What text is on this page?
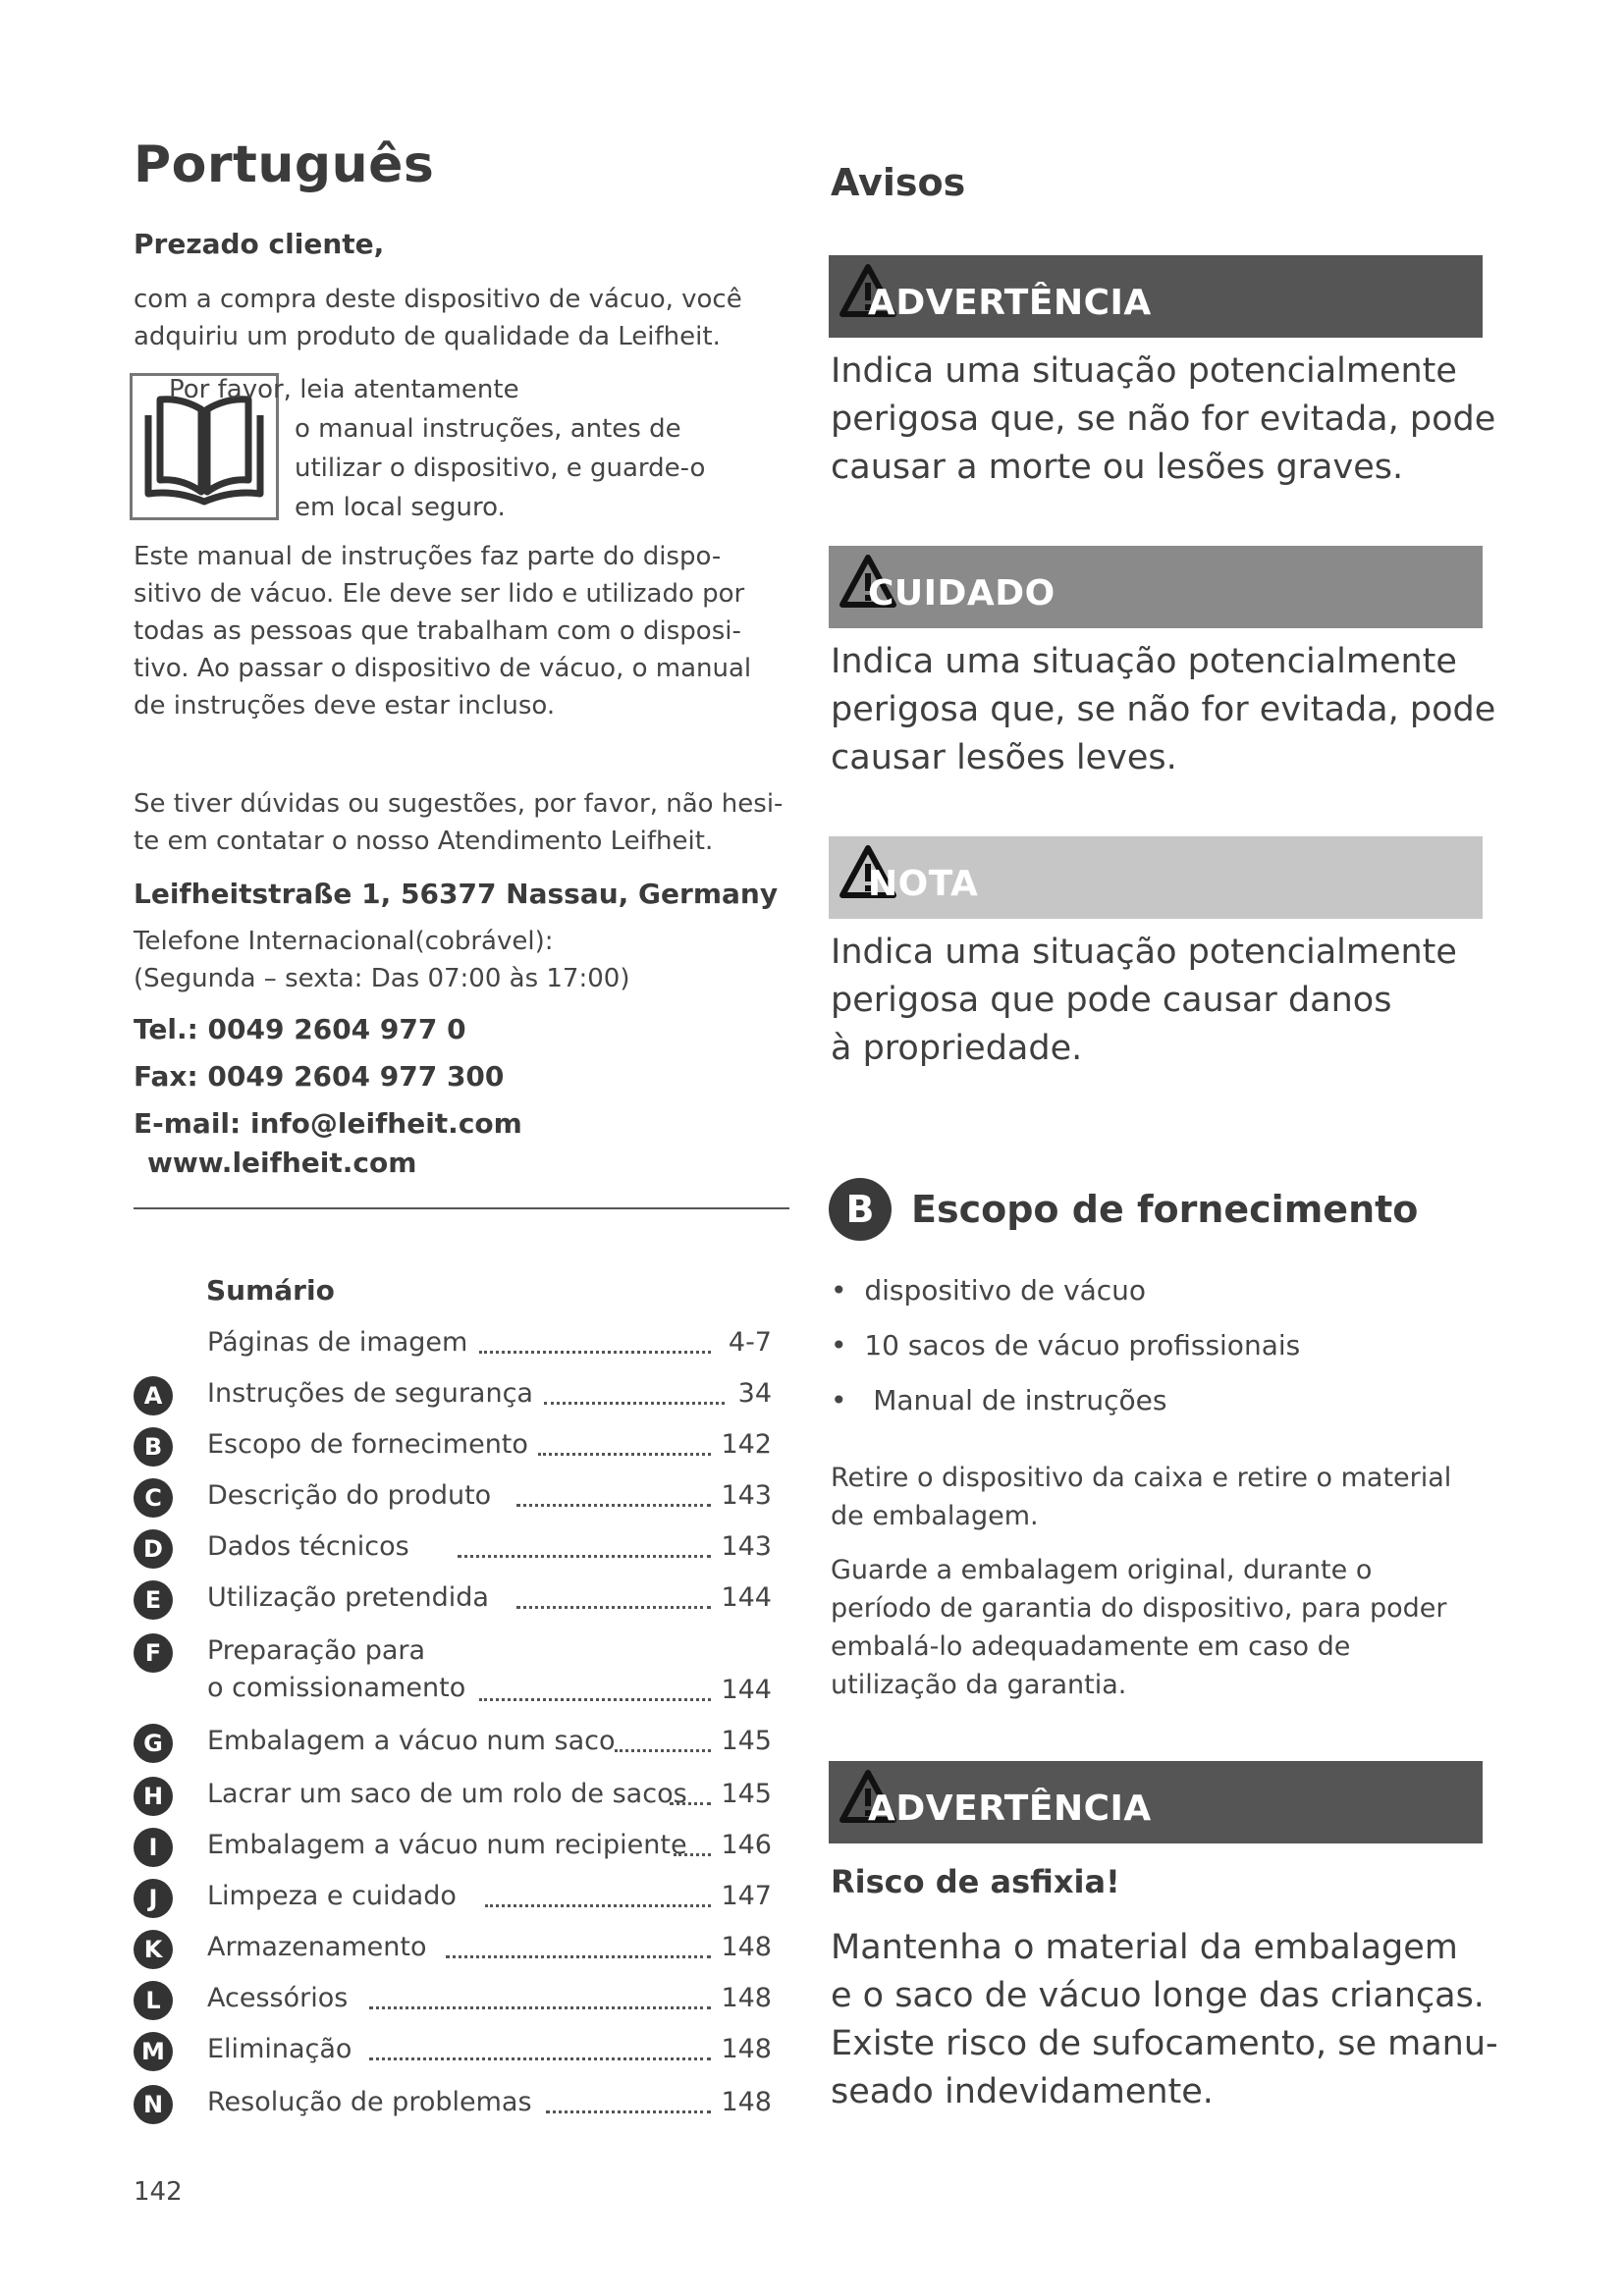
Português
Prezado cliente,
com a compra deste dispositivo de vácuo, você
adquiriu um produto de qualidade da Leifheit.
Por favor, leia atentamente
o manual instruções, antes de
utilizar o dispositivo, e guarde-o
em local seguro.
Este manual de instruções faz parte do dispo-
sitivo de vácuo. Ele deve ser lido e utilizado por
todas as pessoas que trabalham com o disposi-
tivo. Ao passar o dispositivo de vácuo, o manual
de instruções deve estar incluso.
Se tiver dúvidas ou sugestões, por favor, não hesi-
te em contatar o nosso Atendimento Leifheit.
Leifheitstraße 1, 56377 Nassau, Germany
Telefone Internacional(cobrável):
(Segunda – sexta: Das 07:00 às 17:00)
Tel.: 0049 2604 977 0
Fax: 0049 2604 977 300
E-mail: info@leifheit.com
www.leifheit.com
Sumário
Páginas de imagem	4-7
A	Instruções de segurança	34
B	Escopo de fornecimento	142
C	Descrição do produto	143
D	Dados técnicos	143
E	Utilização pretendida	144
F	Preparação para
o comissionamento	144
G	Embalagem a vácuo num saco	145
H	Lacrar um saco de um rolo de sacos 145
I	Embalagem a vácuo num recipiente 146
J	Limpeza e cuidado	147
K	Armazenamento	148
L	Acessórios	148
M Eliminação	148
N	Resolução de problemas	148
142
Avisos
ADVERTÊNCIA
Indica uma situação potencialmente
perigosa que, se não for evitada, pode
causar a morte ou lesões graves.
CUIDADO
Indica uma situação potencialmente
perigosa que, se não for evitada, pode
causar lesões leves.
NOTA
Indica uma situação potencialmente
perigosa que pode causar danos
à propriedade.
B Escopo de fornecimento
•  dispositivo de vácuo
•  10 sacos de vácuo profissionais
•   Manual de instruções
Retire o dispositivo da caixa e retire o material
de embalagem.
Guarde a embalagem original, durante o
período de garantia do dispositivo, para poder
embalá-lo adequadamente em caso de
utilização da garantia.
ADVERTÊNCIA
Risco de asfixia!
Mantenha o material da embalagem
e o saco de vácuo longe das crianças.
Existe risco de sufocamento, se manu-
seado indevidamente.
